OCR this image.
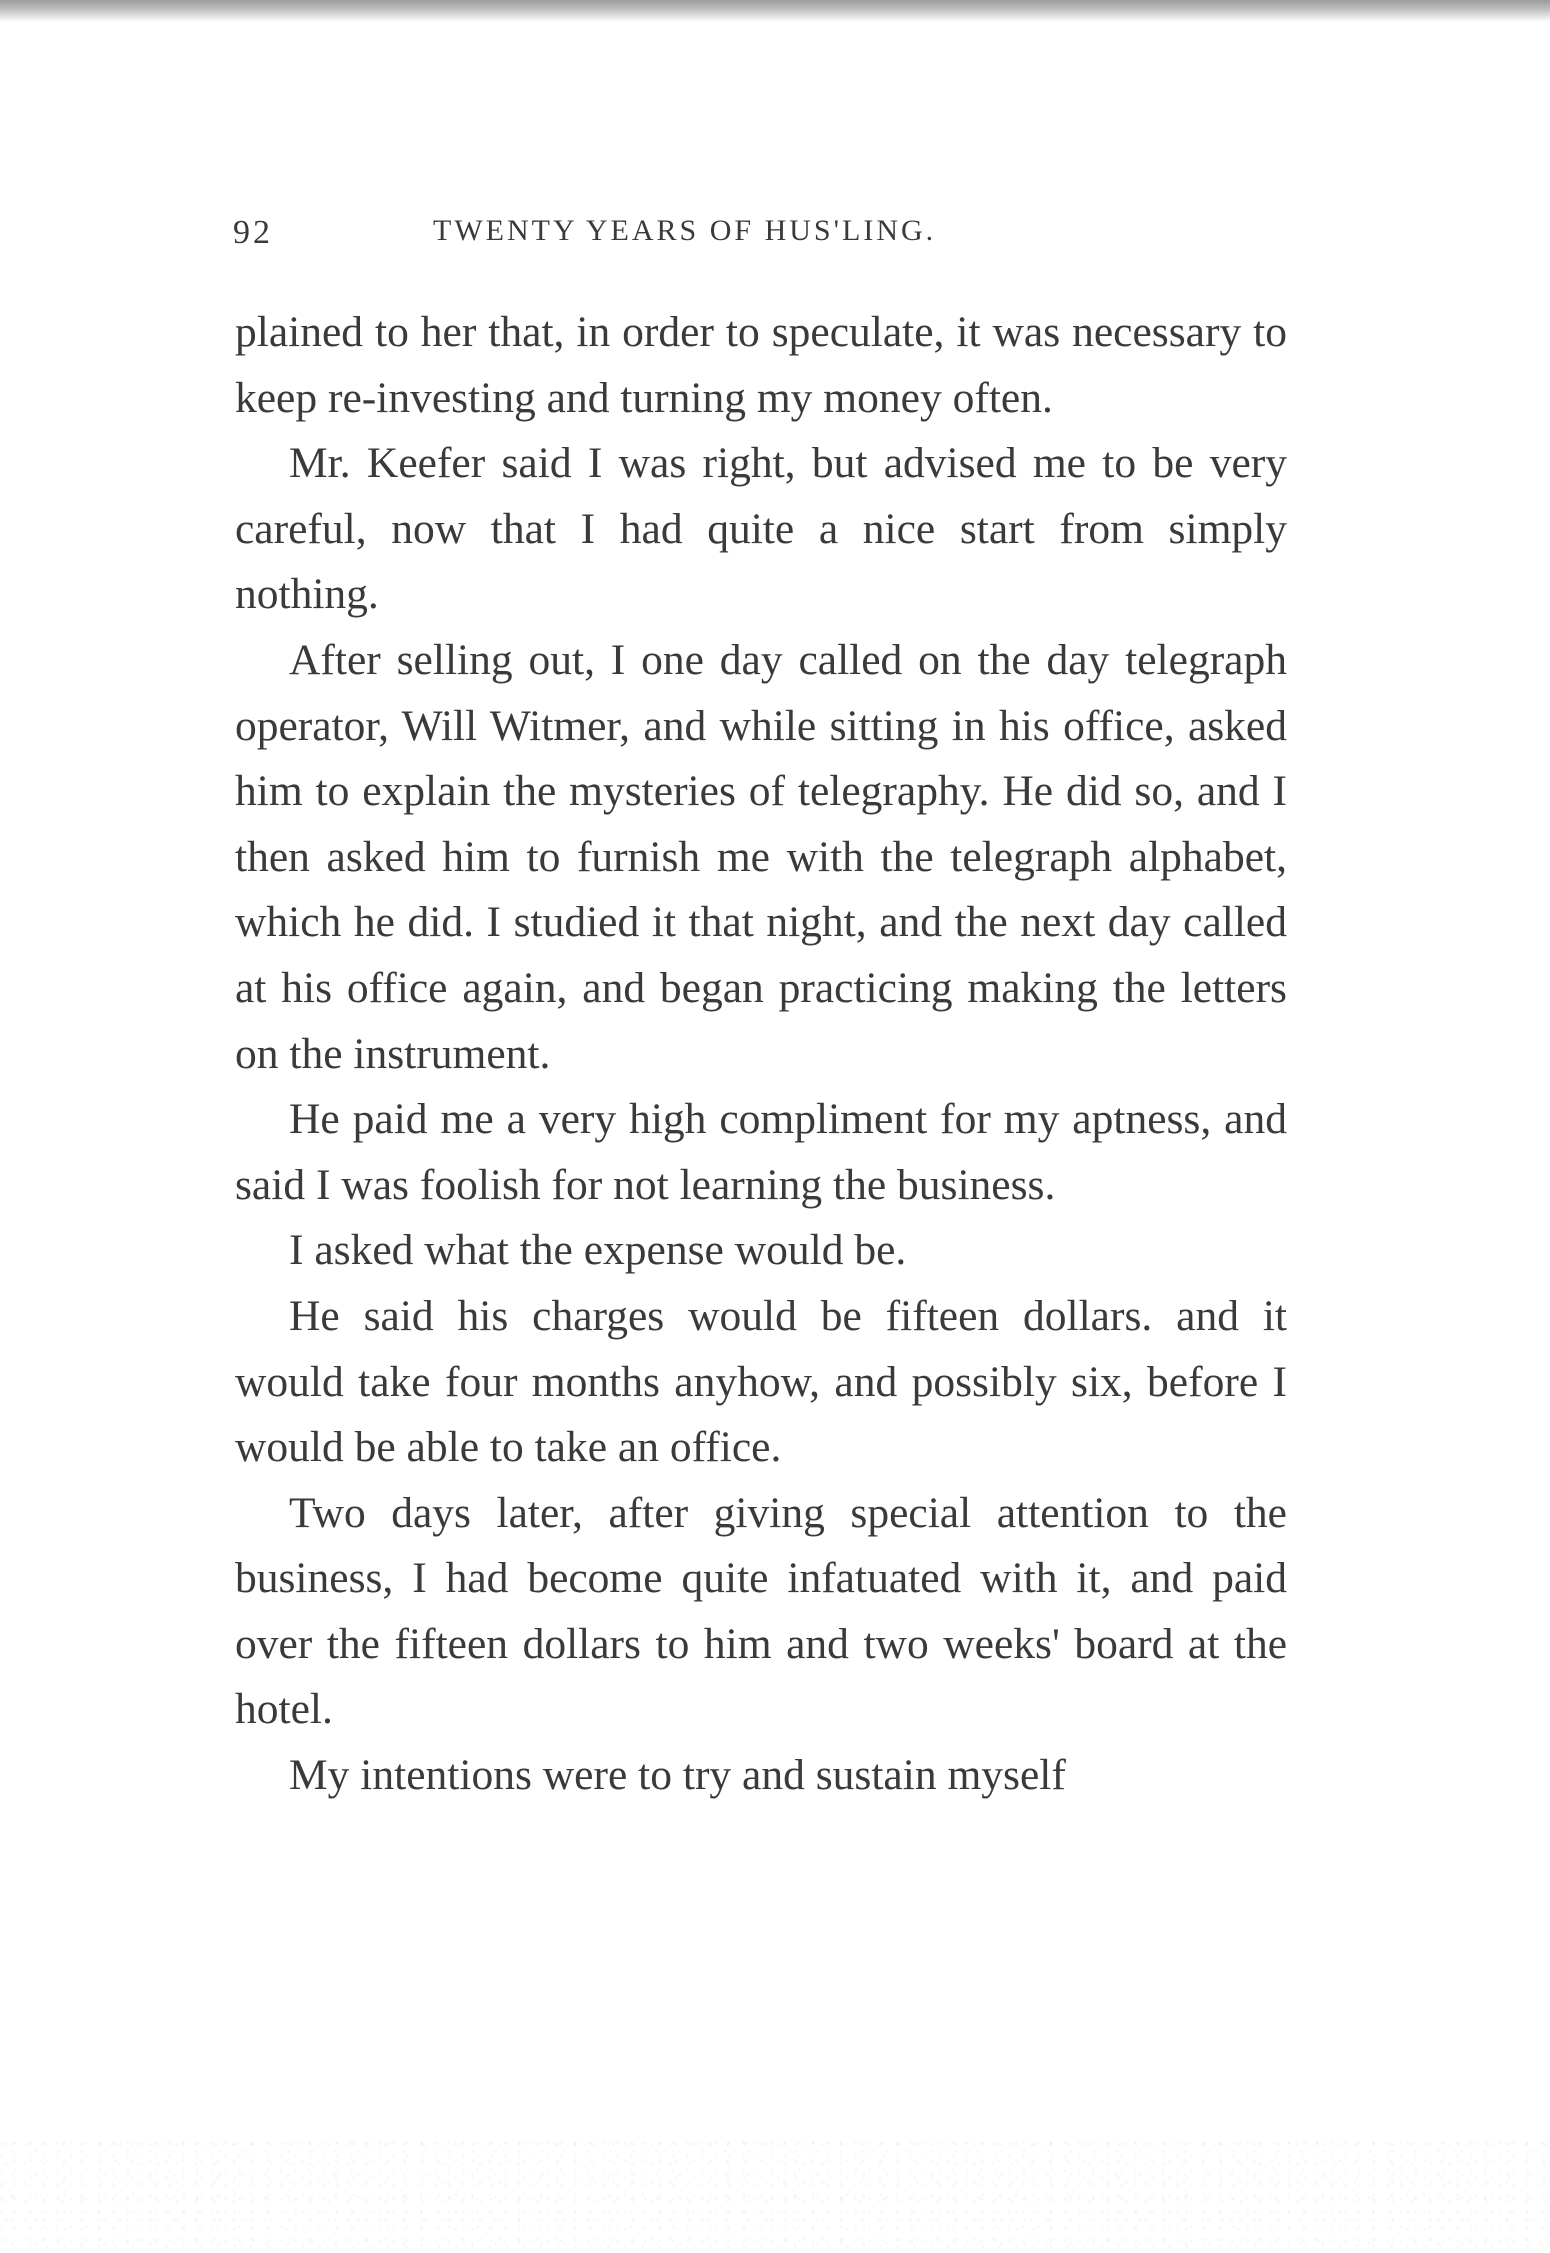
92	TWENTY YEARS OF HUS'LING.

plained to her that, in order to speculate, it was necessary to keep re-investing and turning my money often.

Mr. Keefer said I was right, but advised me to be very careful, now that I had quite a nice start from simply nothing.

After selling out, I one day called on the day telegraph operator, Will Witmer, and while sitting in his office, asked him to explain the mysteries of telegraphy. He did so, and I then asked him to furnish me with the telegraph alphabet, which he did. I studied it that night, and the next day called at his office again, and began practicing making the letters on the instrument.

He paid me a very high compliment for my aptness, and said I was foolish for not learning the business.

I asked what the expense would be.

He said his charges would be fifteen dollars. and it would take four months anyhow, and possibly six, before I would be able to take an office.

Two days later, after giving special attention to the business, I had become quite infatuated with it, and paid over the fifteen dollars to him and two weeks' board at the hotel.

My intentions were to try and sustain myself
